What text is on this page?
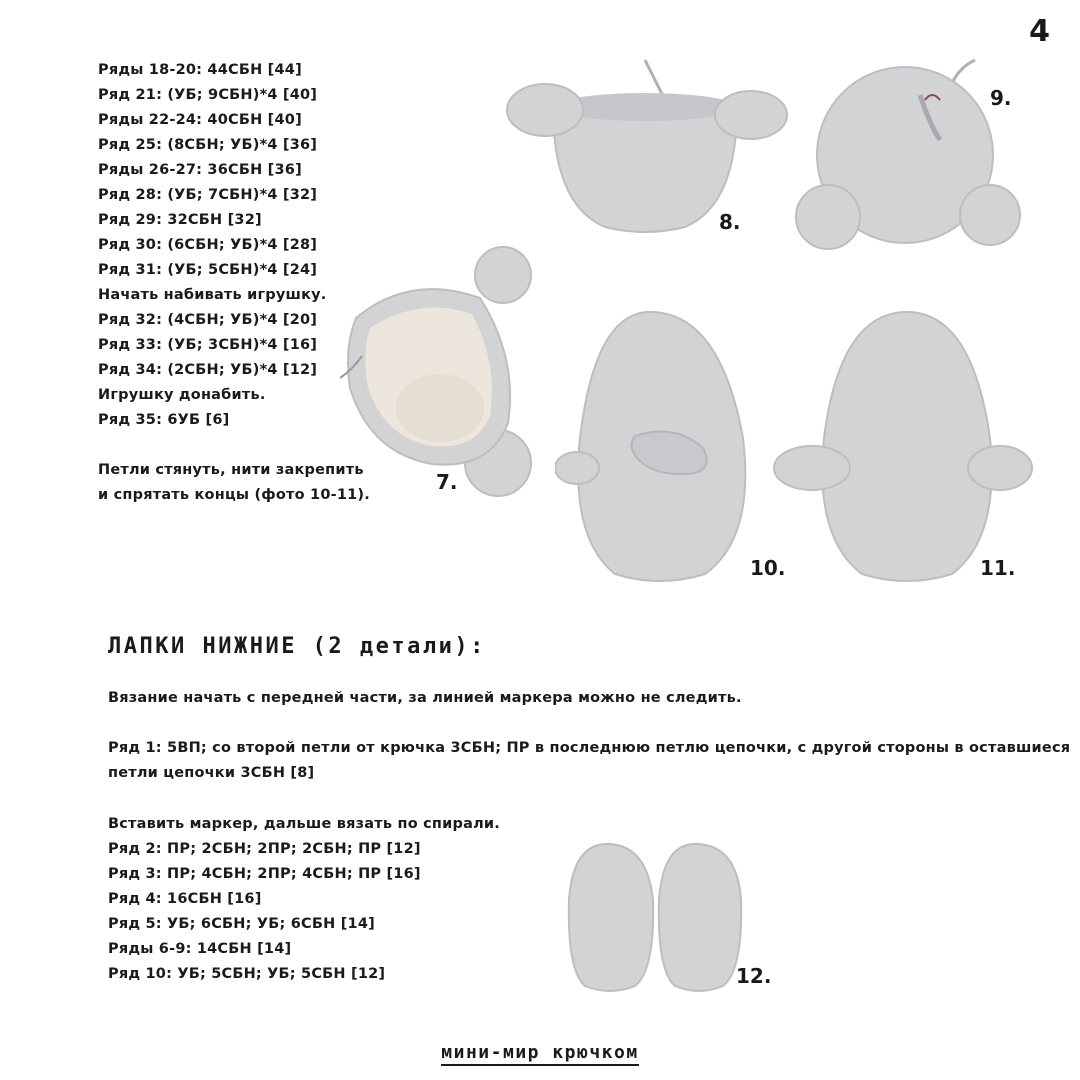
4
Ряды 18-20: 44СБН [44]
Ряд 21: (УБ; 9СБН)*4 [40]
Ряды 22-24: 40СБН [40]
Ряд 25: (8СБН; УБ)*4 [36]
Ряды 26-27: 36СБН [36]
Ряд 28: (УБ; 7СБН)*4 [32]
Ряд 29: 32СБН [32]
Ряд 30: (6СБН; УБ)*4 [28]
Ряд 31: (УБ; 5СБН)*4 [24]
Начать набивать игрушку.
Ряд 32: (4СБН; УБ)*4 [20]
Ряд 33: (УБ; 3СБН)*4 [16]
Ряд 34: (2СБН; УБ)*4 [12]
Игрушку донабить.
Ряд 35: 6УБ [6]
Петли стянуть, нити закрепить
и спрятать концы (фото 10-11).
7.
8.
9.
10.	11.
ЛАПКИ НИЖНИЕ (2 детали):
Вязание начать с передней части, за линией маркера можно не следить.
Ряд 1: 5ВП; со второй петли от крючка 3СБН; ПР в последнюю петлю цепочки, с другой стороны в оставшиеся
петли цепочки 3СБН [8]
Вставить маркер, дальше вязать по спирали.
Ряд 2: ПР; 2СБН; 2ПР; 2СБН; ПР [12]
Ряд 3: ПР; 4СБН; 2ПР; 4СБН; ПР [16]
Ряд 4: 16СБН [16]
Ряд 5: УБ; 6СБН; УБ; 6СБН [14]
Ряды 6-9: 14СБН [14]
Ряд 10: УБ; 5СБН; УБ; 5СБН [12]	12.
мини-мир крючком
